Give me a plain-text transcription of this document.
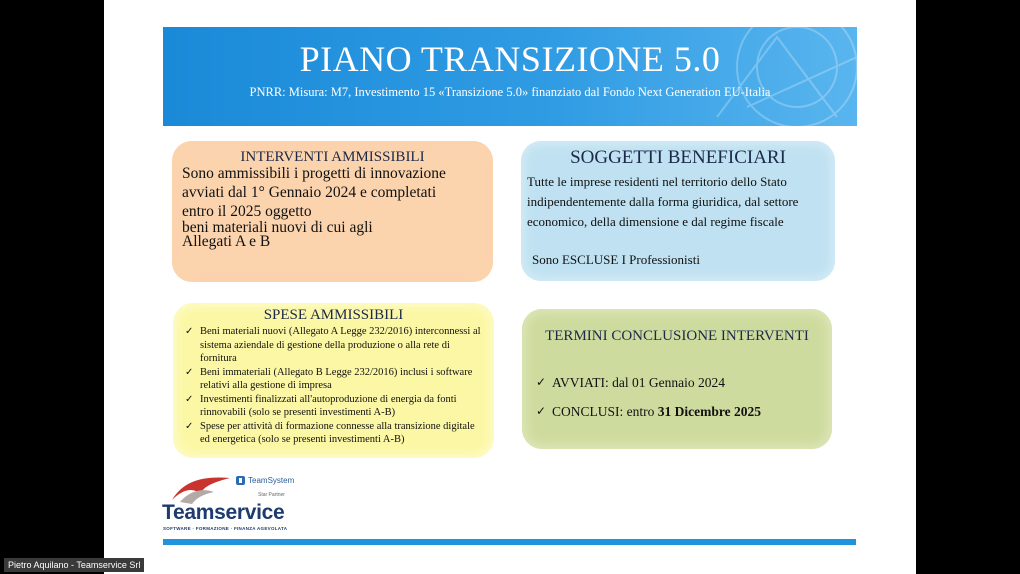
PIANO TRANSIZIONE 5.0
PNRR: Misura: M7, Investimento 15 «Transizione 5.0» finanziato dal Fondo Next Generation EU-Italia
INTERVENTI AMMISSIBILI
Sono ammissibili i progetti di innovazione
avviati dal 1° Gennaio 2024 e completati
entro il 2025 oggetto
beni materiali nuovi di cui agli
Allegati A e B
SOGGETTI BENEFICIARI
Tutte le imprese residenti nel territorio dello Stato indipendentemente dalla forma giuridica, dal settore economico, della dimensione e dal regime fiscale
Sono ESCLUSE I Professionisti
SPESE AMMISSIBILI
✓ Beni materiali nuovi (Allegato A Legge 232/2016) interconnessi al sistema aziendale di gestione della produzione o alla rete di fornitura
✓ Beni immateriali (Allegato B Legge 232/2016) inclusi i software relativi alla gestione di impresa
✓ Investimenti finalizzati all'autoproduzione di energia da fonti rinnovabili (solo se presenti investimenti A-B)
✓ Spese per attività di formazione connesse alla transizione digitale ed energetica (solo se presenti investimenti A-B)
TERMINI CONCLUSIONE INTERVENTI
✓ AVVIATI: dal 01 Gennaio 2024
✓ CONCLUSI: entro 31 Dicembre 2025
TeamSystem
Star Partner
Teamservice
SOFTWARE · FORMAZIONE · FINANZA AGEVOLATA
Pietro Aquilano - Teamservice Srl
